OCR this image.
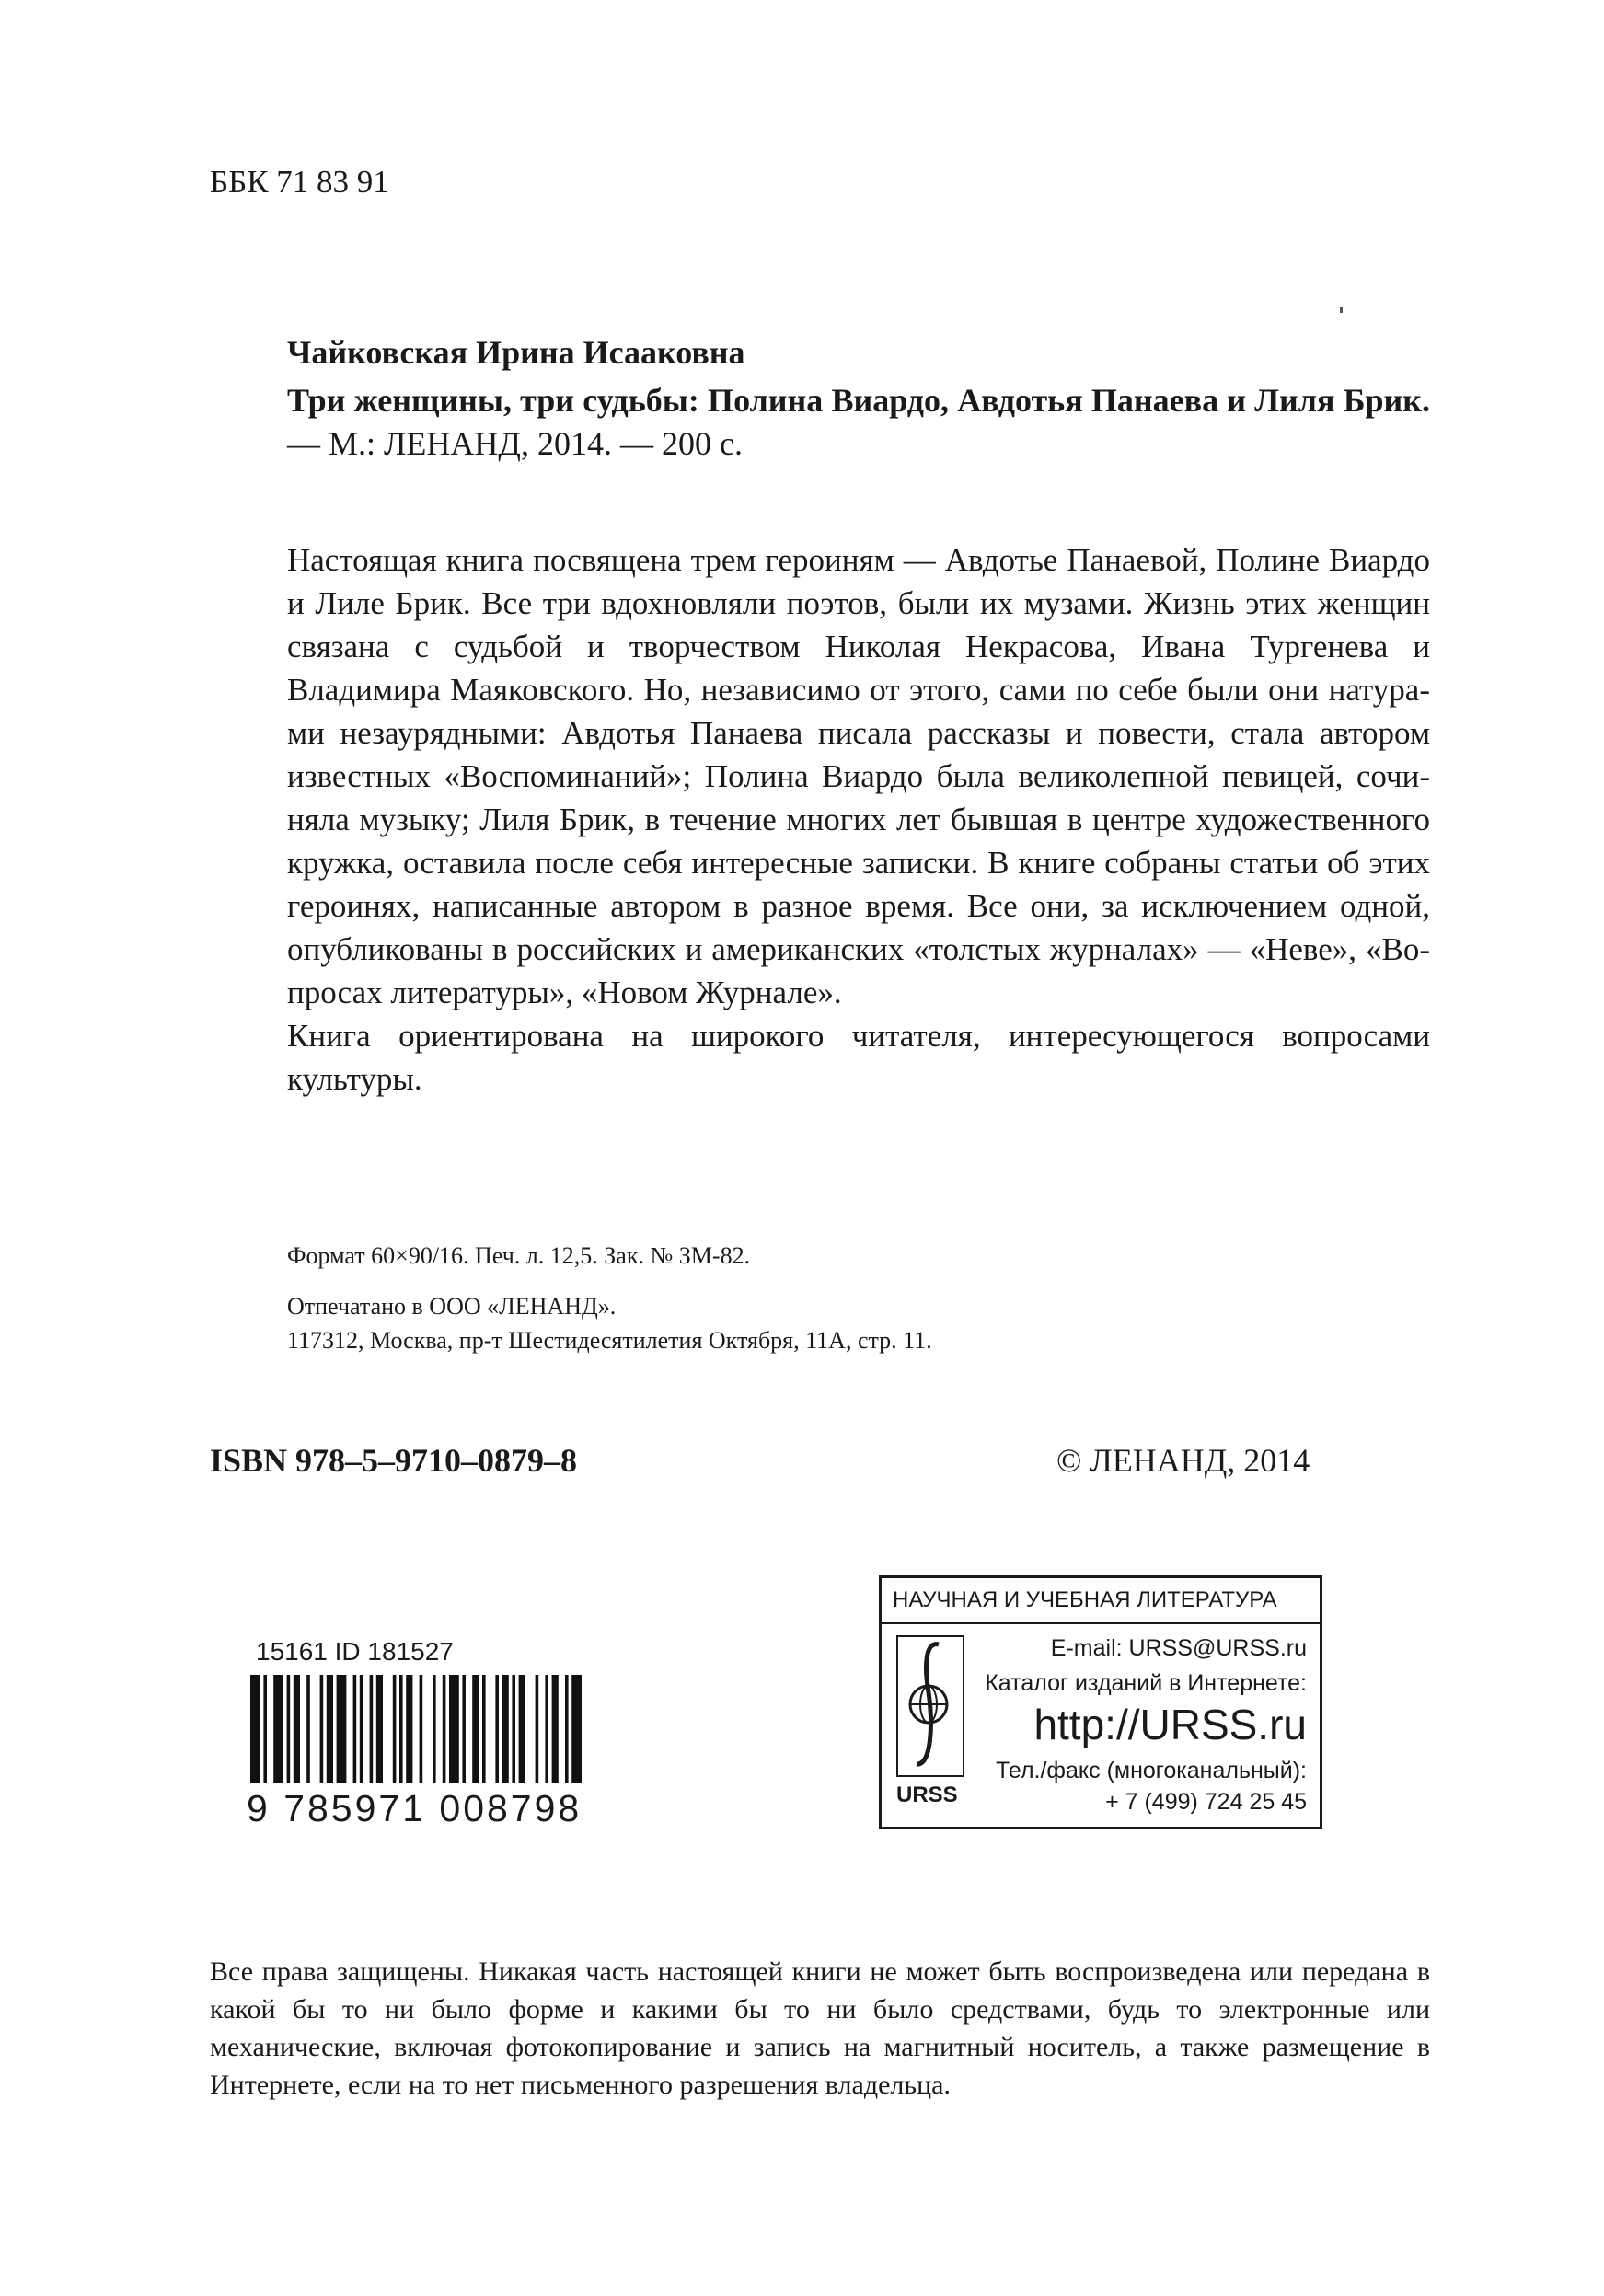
ББК 71 83 91
Чайковская Ирина Исааковна
Три женщины, три судьбы: Полина Виардо, Авдотья Панаева и Лиля Брик. — М.: ЛЕНАНД, 2014. — 200 с.

Настоящая книга посвящена трем героиням — Авдотье Панаевой, Полине Виардо и Лиле Брик. Все три вдохновляли поэтов, были их музами. Жизнь этих женщин связана с судьбой и творчеством Николая Некрасова, Ивана Тургенева и Владимира Маяковского. Но, независимо от этого, сами по себе были они натурами незаурядными: Авдотья Панаева писала рассказы и повести, стала автором известных «Воспоминаний»; Полина Виардо была великолепной певицей, сочиняла музыку; Лиля Брик, в течение многих лет бывшая в центре художественного кружка, оставила после себя интересные записки. В книге собраны статьи об этих героинях, написанные автором в разное время. Все они, за исключением одной, опубликованы в российских и американских «толстых журналах» — «Неве», «Вопросах литературы», «Новом Журнале».

Книга ориентирована на широкого читателя, интересующегося вопросами культуры.

Формат 60×90/16. Печ. л. 12,5. Зак. № ЗМ-82.
Отпечатано в ООО «ЛЕНАНД».
117312, Москва, пр-т Шестидесятилетия Октября, 11А, стр. 11.
ISBN 978–5–9710–0879–8	© ЛЕНАНД, 2014
15161 ID 181527
9 785971 008798
НАУЧНАЯ И УЧЕБНАЯ ЛИТЕРАТУРА
URSS
E-mail: URSS@URSS.ru
Каталог изданий в Интернете:
http://URSS.ru
Тел./факс (многоканальный):
+ 7 (499) 724 25 45
Все права защищены. Никакая часть настоящей книги не может быть воспроизведена или передана в какой бы то ни было форме и какими бы то ни было средствами, будь то электронные или механические, включая фотокопирование и запись на магнитный носитель, а также размещение в Интернете, если на то нет письменного разрешения владельца.
